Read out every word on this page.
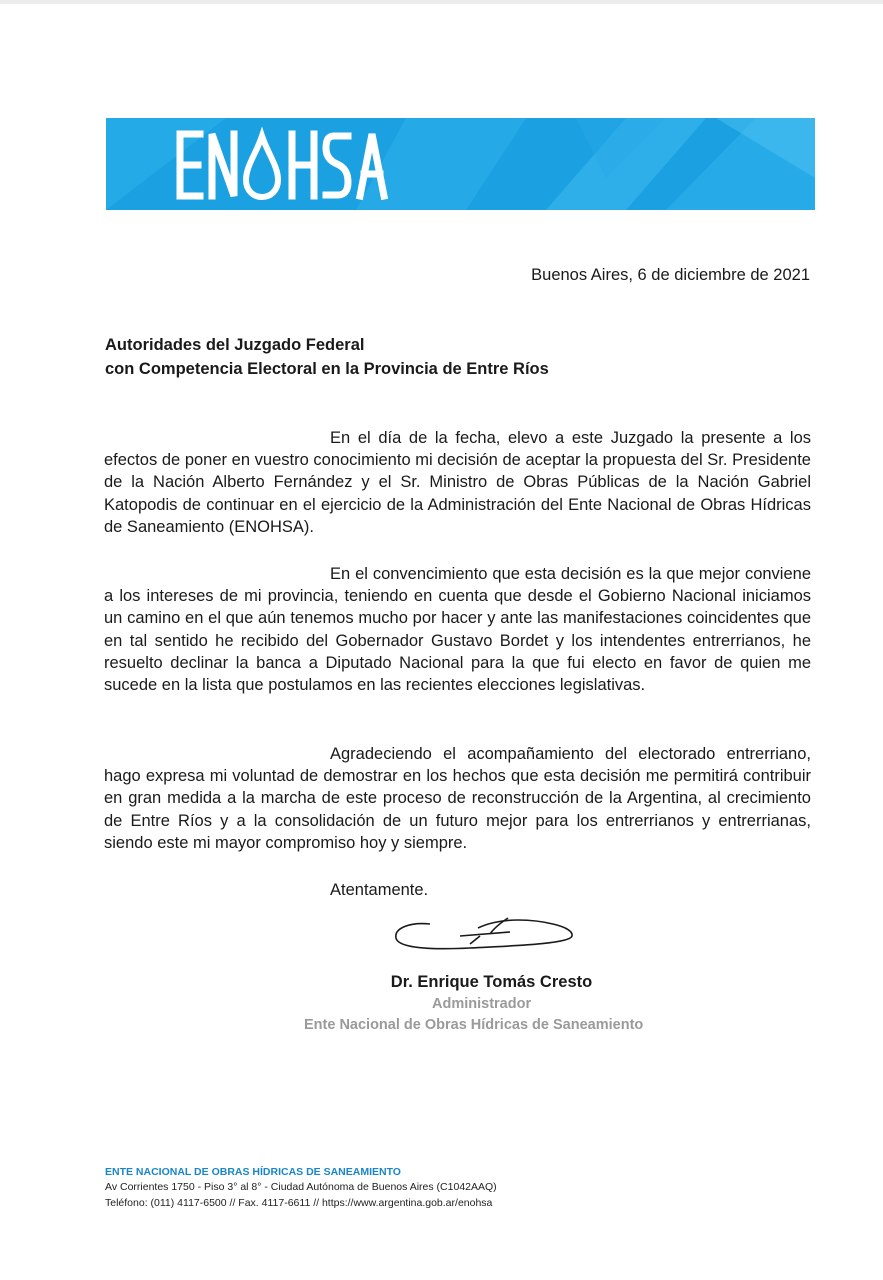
Buenos Aires, 6 de diciembre de 2021
Autoridades del Juzgado Federal
con Competencia Electoral en la Provincia de Entre Ríos
En el día de la fecha, elevo a este Juzgado la presente a los efectos de poner en vuestro conocimiento mi decisión de aceptar la propuesta del Sr. Presidente de la Nación Alberto Fernández y el Sr. Ministro de Obras Públicas de la Nación Gabriel Katopodis de continuar en el ejercicio de la Administración del Ente Nacional de Obras Hídricas de Saneamiento (ENOHSA).
En el convencimiento que esta decisión es la que mejor conviene a los intereses de mi provincia, teniendo en cuenta que desde el Gobierno Nacional iniciamos un camino en el que aún tenemos mucho por hacer y ante las manifestaciones coincidentes que en tal sentido he recibido del Gobernador Gustavo Bordet y los intendentes entrerrianos, he resuelto declinar la banca a Diputado Nacional para la que fui electo en favor de quien me sucede en la lista que postulamos en las recientes elecciones legislativas.
Agradeciendo el acompañamiento del electorado entrerriano, hago expresa mi voluntad de demostrar en los hechos que esta decisión me permitirá contribuir en gran medida a la marcha de este proceso de reconstrucción de la Argentina, al crecimiento de Entre Ríos y a la consolidación de un futuro mejor para los entrerrianos y entrerrianas, siendo este mi mayor compromiso hoy y siempre.
Atentamente.
Dr. Enrique Tomás Cresto
Administrador
Ente Nacional de Obras Hídricas de Saneamiento
ENTE NACIONAL DE OBRAS HÍDRICAS DE SANEAMIENTO
Av Corrientes 1750 - Piso 3° al 8° - Ciudad Autónoma de Buenos Aires (C1042AAQ)
Teléfono: (011) 4117-6500 // Fax. 4117-6611 // https://www.argentina.gob.ar/enohsa
